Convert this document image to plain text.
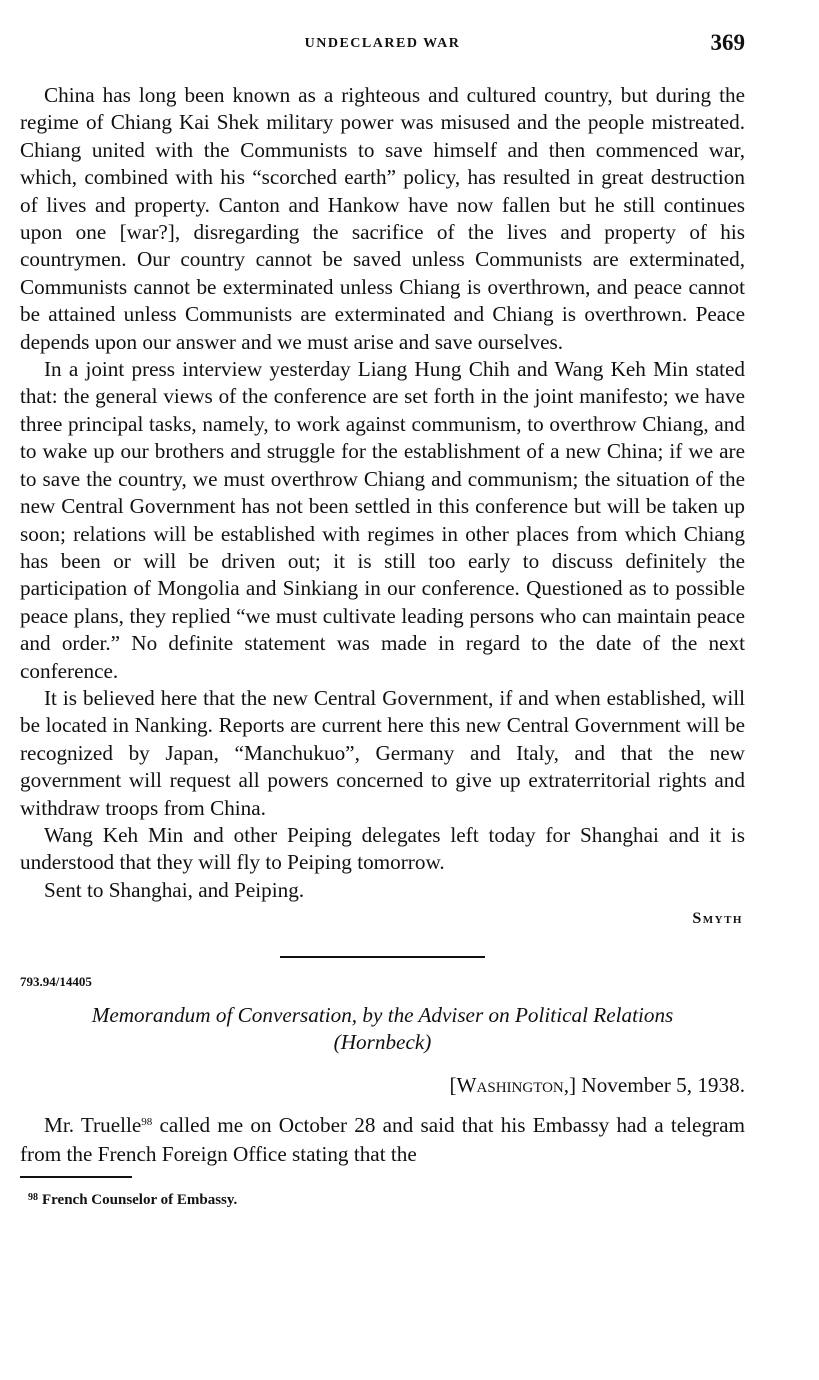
UNDECLARED WAR	369

China has long been known as a righteous and cultured country, but during the regime of Chiang Kai Shek military power was misused and the people mistreated. Chiang united with the Communists to save himself and then commenced war, which, combined with his “scorched earth” policy, has resulted in great destruction of lives and property. Canton and Hankow have now fallen but he still continues upon one [war?], disregarding the sacrifice of the lives and property of his countrymen. Our country cannot be saved unless Communists are exterminated, Communists cannot be exterminated unless Chiang is overthrown, and peace cannot be attained unless Communists are exterminated and Chiang is overthrown. Peace depends upon our answer and we must arise and save ourselves.

In a joint press interview yesterday Liang Hung Chih and Wang Keh Min stated that: the general views of the conference are set forth in the joint manifesto; we have three principal tasks, namely, to work against communism, to overthrow Chiang, and to wake up our brothers and struggle for the establishment of a new China; if we are to save the country, we must overthrow Chiang and communism; the situation of the new Central Government has not been settled in this conference but will be taken up soon; relations will be established with regimes in other places from which Chiang has been or will be driven out; it is still too early to discuss definitely the participation of Mongolia and Sinkiang in our conference. Questioned as to possible peace plans, they replied “we must cultivate leading persons who can maintain peace and order.” No definite statement was made in regard to the date of the next conference.

It is believed here that the new Central Government, if and when established, will be located in Nanking. Reports are current here this new Central Government will be recognized by Japan, “Manchukuo”, Germany and Italy, and that the new government will request all powers concerned to give up extraterritorial rights and withdraw troops from China.

Wang Keh Min and other Peiping delegates left today for Shanghai and it is understood that they will fly to Peiping tomorrow.

Sent to Shanghai, and Peiping.

Smyth
793.94/14405
Memorandum of Conversation, by the Adviser on Political Relations
(Hornbeck)
[Washington,] November 5, 1938.

Mr. Truelle$^{98}$ called me on October 28 and said that his Embassy had a telegram from the French Foreign Office stating that the

$^{98}$ French Counselor of Embassy.
